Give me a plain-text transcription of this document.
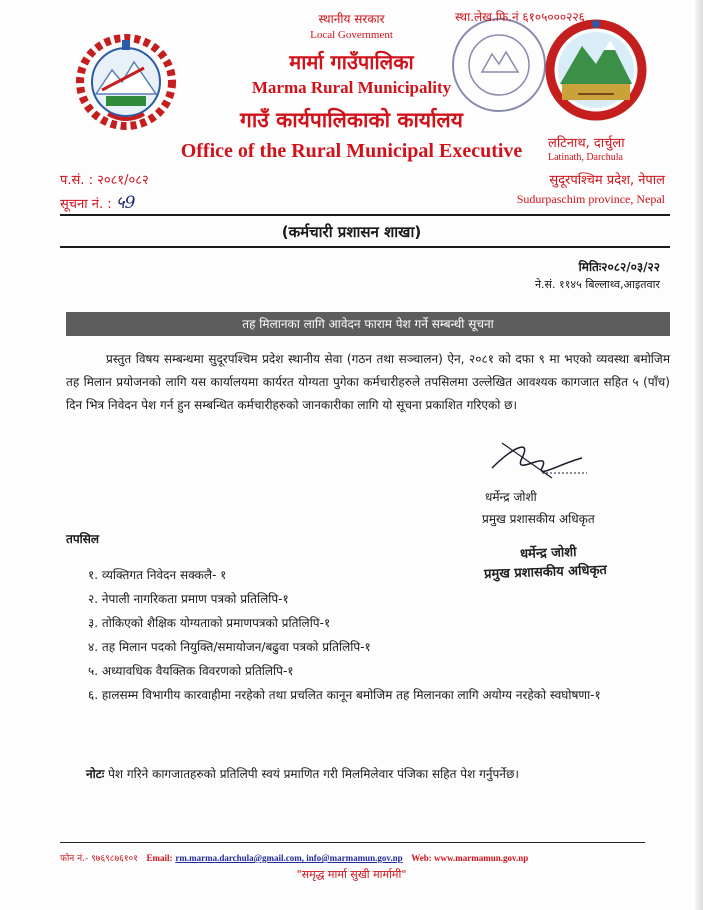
स्था.लेख.फि.नं ६१०५०००२२६
स्थानीय सरकार
Local Government
मार्मा गाउँपालिका
Marma Rural Municipality
गाउँ कार्यपालिकाको कार्यालय
Office of the Rural Municipal Executive	लटिनाथ, दार्चुला
Latinath, Darchula
सुदूरपश्चिम प्रदेश, नेपाल
Sudurpaschim province, Nepal
प.सं. : २०८१/०८२
सूचना नं. : ५9
(कर्मचारी प्रशासन शाखा)
मितिः२०८२/०३/२२
ने.सं. ११४५ बिल्लाथ्व,आइतवार
तह मिलानका लागि आवेदन फाराम पेश गर्ने सम्बन्धी सूचना
प्रस्तुत विषय सम्बन्धमा सुदूरपश्चिम प्रदेश स्थानीय सेवा (गठन तथा सञ्चालन) ऐन, २०८१ को दफा ९ मा भएको व्यवस्था बमोजिम तह मिलान प्रयोजनको लागि यस कार्यालयमा कार्यरत योग्यता पुगेका कर्मचारीहरुले तपसिलमा उल्लेखित आवश्यक कागजात सहित ५ (पाँच) दिन भित्र निवेदन पेश गर्न हुन सम्बन्धित कर्मचारीहरुको जानकारीका लागि यो सूचना प्रकाशित गरिएको छ।
धर्मेन्द्र जोशी
प्रमुख प्रशासकीय अधिकृत
धर्मेन्द्र जोशी
प्रमुख प्रशासकीय अधिकृत
तपसिल
१. व्यक्तिगत निवेदन सक्कलै- १
२. नेपाली नागरिकता प्रमाण पत्रको प्रतिलिपि-१
३. तोकिएको शैक्षिक योग्यताको प्रमाणपत्रको प्रतिलिपि-१
४. तह मिलान पदको नियुक्ति/समायोजन/बढुवा पत्रको प्रतिलिपि-१
५. अध्यावधिक वैयक्तिक विवरणको प्रतिलिपि-१
६. हालसम्म विभागीय कारवाहीमा नरहेको तथा प्रचलित कानून बमोजिम तह मिलानका लागि अयोग्य नरहेको स्वघोषणा-१
नोटः पेश गरिने कागजातहरुको प्रतिलिपी स्वयं प्रमाणित गरी मिलमिलेवार पंजिका सहित पेश गर्नुपर्नेछ।
फोन नं.- ९७६९८७६१०१ Email: rm.marma.darchula@gmail.com, info@marmamun.gov.np Web: www.marmamun.gov.np
"समृद्ध मार्मा सुखी मार्मामी"
